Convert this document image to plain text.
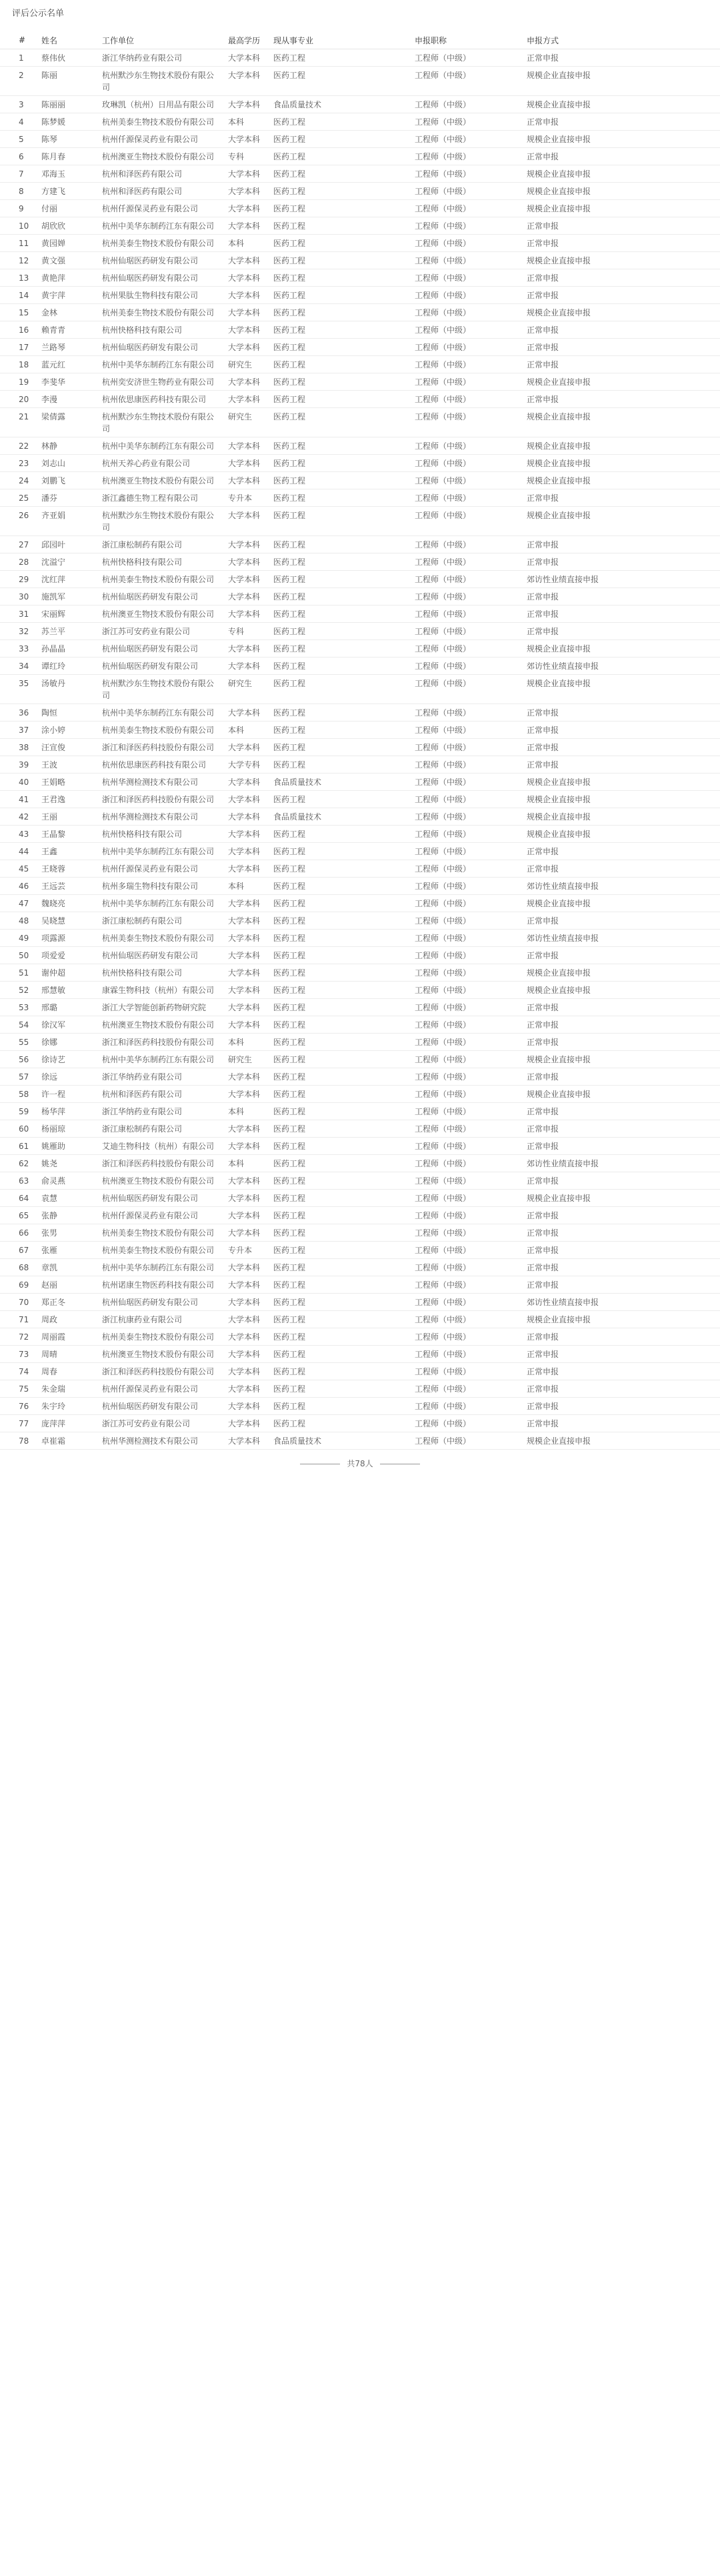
评后公示名单
#	姓名	工作单位	最高学历	现从事专业	申报职称	申报方式

1	蔡伟伙	浙江华纳药业有限公司	大学本科	医药工程	工程师（中级）	正常申报

2	陈丽	杭州默沙东生物技术股份有限公司	大学本科	医药工程	工程师（中级）	规模企业直接申报

3	陈丽丽	玫琳凯（杭州）日用品有限公司	大学本科	食品质量技术	工程师（中级）	规模企业直接申报

4	陈梦媛	杭州美泰生物技术股份有限公司	本科	医药工程	工程师（中级）	正常申报

5	陈琴	杭州仟源保灵药业有限公司	大学本科	医药工程	工程师（中级）	规模企业直接申报

6	陈月春	杭州澳亚生物技术股份有限公司	专科	医药工程	工程师（中级）	正常申报

7	邓海玉	杭州和泽医药有限公司	大学本科	医药工程	工程师（中级）	规模企业直接申报

8	方建飞	杭州和泽医药有限公司	大学本科	医药工程	工程师（中级）	规模企业直接申报

9	付丽	杭州仟源保灵药业有限公司	大学本科	医药工程	工程师（中级）	规模企业直接申报

10	胡欣欣	杭州中美华东制药江东有限公司	大学本科	医药工程	工程师（中级）	正常申报

11	黄园婵	杭州美泰生物技术股份有限公司	本科	医药工程	工程师（中级）	正常申报

12	黄文强	杭州仙琚医药研发有限公司	大学本科	医药工程	工程师（中级）	规模企业直接申报

13	黄艳萍	杭州仙琚医药研发有限公司	大学本科	医药工程	工程师（中级）	正常申报

14	黄宇萍	杭州果肽生物科技有限公司	大学本科	医药工程	工程师（中级）	正常申报

15	金林	杭州美泰生物技术股份有限公司	大学本科	医药工程	工程师（中级）	规模企业直接申报

16	赖青青	杭州快格科技有限公司	大学本科	医药工程	工程师（中级）	正常申报

17	兰路琴	杭州仙琚医药研发有限公司	大学本科	医药工程	工程师（中级）	正常申报

18	蓝元红	杭州中美华东制药江东有限公司	研究生	医药工程	工程师（中级）	正常申报

19	李斐华	杭州奕安济世生物药业有限公司	大学本科	医药工程	工程师（中级）	规模企业直接申报

20	李漫	杭州依思康医药科技有限公司	大学本科	医药工程	工程师（中级）	正常申报

21	梁倩露	杭州默沙东生物技术股份有限公司	研究生	医药工程	工程师（中级）	规模企业直接申报

22	林静	杭州中美华东制药江东有限公司	大学本科	医药工程	工程师（中级）	规模企业直接申报

23	刘志山	杭州天养心药业有限公司	大学本科	医药工程	工程师（中级）	规模企业直接申报

24	刘鹏飞	杭州澳亚生物技术股份有限公司	大学本科	医药工程	工程师（中级）	规模企业直接申报

25	潘芬	浙江鑫德生物工程有限公司	专升本	医药工程	工程师（中级）	正常申报

26	齐亚娟	杭州默沙东生物技术股份有限公司	大学本科	医药工程	工程师（中级）	规模企业直接申报

27	邱园叶	浙江康松制药有限公司	大学本科	医药工程	工程师（中级）	正常申报

28	沈溢宁	杭州快格科技有限公司	大学本科	医药工程	工程师（中级）	正常申报

29	沈红萍	杭州美泰生物技术股份有限公司	大学本科	医药工程	工程师（中级）	郊访性业绩直接申报

30	施凯军	杭州仙琚医药研发有限公司	大学本科	医药工程	工程师（中级）	正常申报

31	宋丽辉	杭州澳亚生物技术股份有限公司	大学本科	医药工程	工程师（中级）	正常申报

32	苏兰平	浙江苏可安药业有限公司	专科	医药工程	工程师（中级）	正常申报

33	孙晶晶	杭州仙琚医药研发有限公司	大学本科	医药工程	工程师（中级）	规模企业直接申报

34	谭红玲	杭州仙琚医药研发有限公司	大学本科	医药工程	工程师（中级）	郊访性业绩直接申报

35	汤敏丹	杭州默沙东生物技术股份有限公司	研究生	医药工程	工程师（中级）	规模企业直接申报

36	陶恒	杭州中美华东制药江东有限公司	大学本科	医药工程	工程师（中级）	正常申报

37	涂小婷	杭州美泰生物技术股份有限公司	本科	医药工程	工程师（中级）	正常申报

38	汪宣俊	浙江和泽医药科技股份有限公司	大学本科	医药工程	工程师（中级）	正常申报

39	王波	杭州依思康医药科技有限公司	大学专科	医药工程	工程师（中级）	正常申报

40	王娟略	杭州华测检测技术有限公司	大学本科	食品质量技术	工程师（中级）	规模企业直接申报

41	王君逸	浙江和泽医药科技股份有限公司	大学本科	医药工程	工程师（中级）	规模企业直接申报

42	王丽	杭州华测检测技术有限公司	大学本科	食品质量技术	工程师（中级）	规模企业直接申报

43	王晶黎	杭州快格科技有限公司	大学本科	医药工程	工程师（中级）	规模企业直接申报

44	王鑫	杭州中美华东制药江东有限公司	大学本科	医药工程	工程师（中级）	正常申报

45	王晓蓉	杭州仟源保灵药业有限公司	大学本科	医药工程	工程师（中级）	正常申报

46	王远芸	杭州多瑞生物科技有限公司	本科	医药工程	工程师（中级）	郊访性业绩直接申报

47	魏晓亮	杭州中美华东制药江东有限公司	大学本科	医药工程	工程师（中级）	规模企业直接申报

48	吴晓慧	浙江康松制药有限公司	大学本科	医药工程	工程师（中级）	正常申报

49	项露源	杭州美泰生物技术股份有限公司	大学本科	医药工程	工程师（中级）	郊访性业绩直接申报

50	项爱爱	杭州仙琚医药研发有限公司	大学本科	医药工程	工程师（中级）	正常申报

51	谢仲超	杭州快格科技有限公司	大学本科	医药工程	工程师（中级）	规模企业直接申报

52	邢慧敏	康霖生物科技（杭州）有限公司	大学本科	医药工程	工程师（中级）	规模企业直接申报

53	邢璐	浙江大学智能创新药物研究院	大学本科	医药工程	工程师（中级）	正常申报

54	徐汉军	杭州澳亚生物技术股份有限公司	大学本科	医药工程	工程师（中级）	正常申报

55	徐娜	浙江和泽医药科技股份有限公司	本科	医药工程	工程师（中级）	正常申报

56	徐诗艺	杭州中美华东制药江东有限公司	研究生	医药工程	工程师（中级）	规模企业直接申报

57	徐远	浙江华纳药业有限公司	大学本科	医药工程	工程师（中级）	正常申报

58	许一程	杭州和泽医药有限公司	大学本科	医药工程	工程师（中级）	规模企业直接申报

59	杨华萍	浙江华纳药业有限公司	本科	医药工程	工程师（中级）	正常申报

60	杨丽琼	浙江康松制药有限公司	大学本科	医药工程	工程师（中级）	正常申报

61	姚雁助	艾迪生物科技（杭州）有限公司	大学本科	医药工程	工程师（中级）	正常申报

62	姚尧	浙江和泽医药科技股份有限公司	本科	医药工程	工程师（中级）	郊访性业绩直接申报

63	俞灵燕	杭州澳亚生物技术股份有限公司	大学本科	医药工程	工程师（中级）	正常申报

64	袁慧	杭州仙琚医药研发有限公司	大学本科	医药工程	工程师（中级）	规模企业直接申报

65	张静	杭州仟源保灵药业有限公司	大学本科	医药工程	工程师（中级）	正常申报

66	张男	杭州美泰生物技术股份有限公司	大学本科	医药工程	工程师（中级）	正常申报

67	张雁	杭州美泰生物技术股份有限公司	专升本	医药工程	工程师（中级）	正常申报

68	章凯	杭州中美华东制药江东有限公司	大学本科	医药工程	工程师（中级）	正常申报

69	赵丽	杭州诺康生物医药科技有限公司	大学本科	医药工程	工程师（中级）	正常申报

70	郑正冬	杭州仙琚医药研发有限公司	大学本科	医药工程	工程师（中级）	郊访性业绩直接申报

71	周政	浙江杭康药业有限公司	大学本科	医药工程	工程师（中级）	规模企业直接申报

72	周丽霞	杭州美泰生物技术股份有限公司	大学本科	医药工程	工程师（中级）	正常申报

73	周晴	杭州澳亚生物技术股份有限公司	大学本科	医药工程	工程师（中级）	正常申报

74	周春	浙江和泽医药科技股份有限公司	大学本科	医药工程	工程师（中级）	正常申报

75	朱金瑞	杭州仟源保灵药业有限公司	大学本科	医药工程	工程师（中级）	正常申报

76	朱宇玲	杭州仙琚医药研发有限公司	大学本科	医药工程	工程师（中级）	正常申报

77	庞萍萍	浙江苏可安药业有限公司	大学本科	医药工程	工程师（中级）	正常申报

78	卓崔霜	杭州华测检测技术有限公司	大学本科	食品质量技术	工程师（中级）	规模企业直接申报
共78人
